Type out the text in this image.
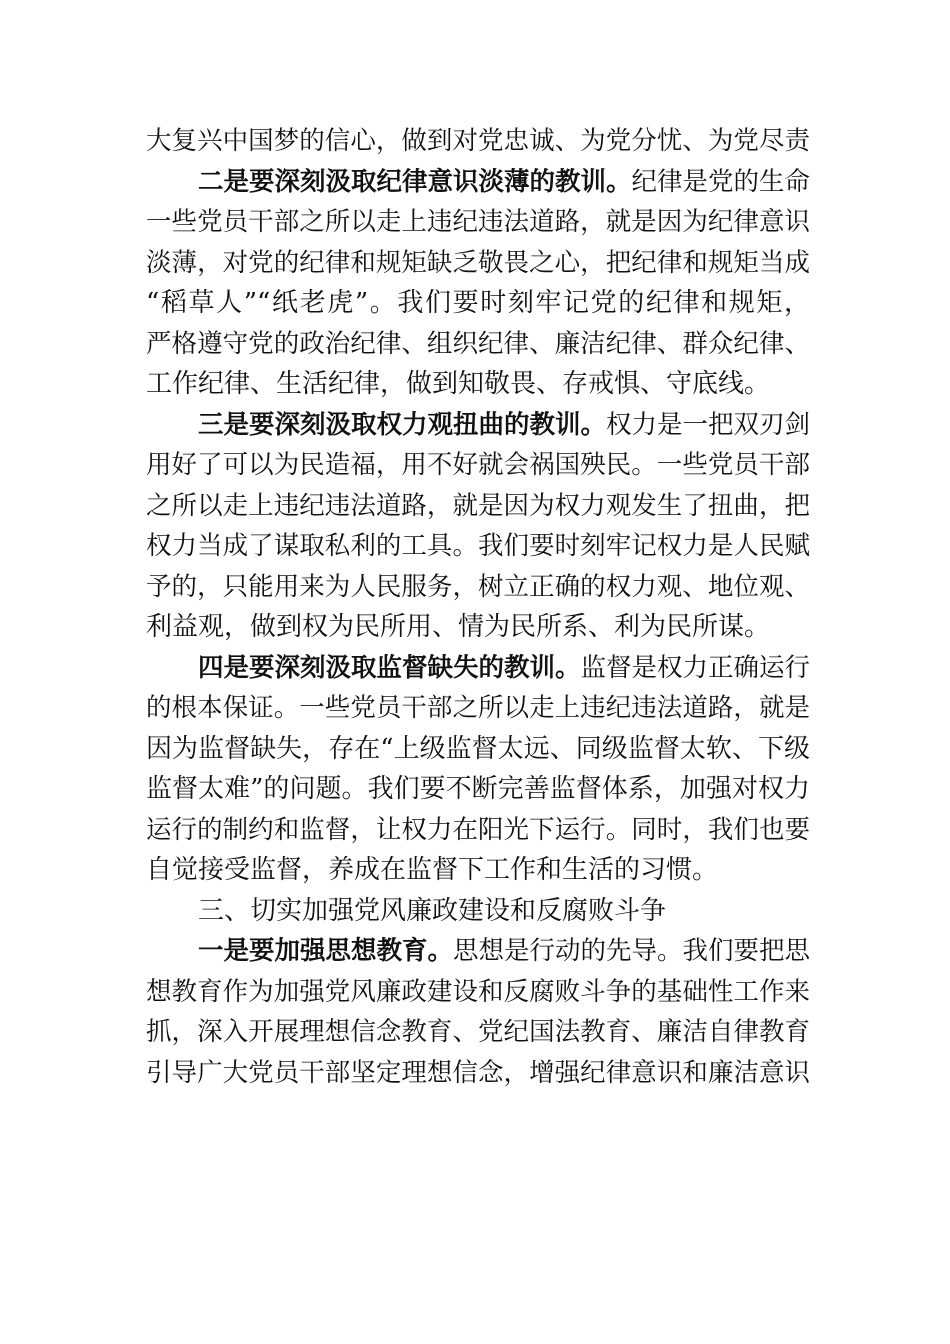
大复兴中国梦的信心，做到对党忠诚、为党分忧、为党尽责
二是要深刻汲取纪律意识淡薄的教训。纪律是党的生命
一些党员干部之所以走上违纪违法道路，就是因为纪律意识
淡薄，对党的纪律和规矩缺乏敬畏之心，把纪律和规矩当成
“稻草人”“纸老虎”。我们要时刻牢记党的纪律和规矩，
严格遵守党的政治纪律、组织纪律、廉洁纪律、群众纪律、
工作纪律、生活纪律，做到知敬畏、存戒惧、守底线。
三是要深刻汲取权力观扭曲的教训。权力是一把双刃剑
用好了可以为民造福，用不好就会祸国殃民。一些党员干部
之所以走上违纪违法道路，就是因为权力观发生了扭曲，把
权力当成了谋取私利的工具。我们要时刻牢记权力是人民赋
予的，只能用来为人民服务，树立正确的权力观、地位观、
利益观，做到权为民所用、情为民所系、利为民所谋。
四是要深刻汲取监督缺失的教训。监督是权力正确运行
的根本保证。一些党员干部之所以走上违纪违法道路，就是
因为监督缺失，存在“上级监督太远、同级监督太软、下级
监督太难”的问题。我们要不断完善监督体系，加强对权力
运行的制约和监督，让权力在阳光下运行。同时，我们也要
自觉接受监督，养成在监督下工作和生活的习惯。
三、切实加强党风廉政建设和反腐败斗争
一是要加强思想教育。思想是行动的先导。我们要把思
想教育作为加强党风廉政建设和反腐败斗争的基础性工作来
抓，深入开展理想信念教育、党纪国法教育、廉洁自律教育
引导广大党员干部坚定理想信念，增强纪律意识和廉洁意识
